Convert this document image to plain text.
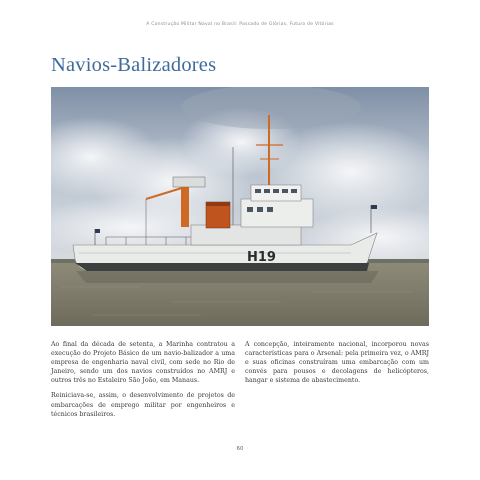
A Construção Militar Naval no Brasil: Passado de Glórias, Futuro de Vitórias
Navios-Balizadores
H19

Ao final da década de setenta, a Marinha contratou a execução do Projeto Básico de um navio-balizador a uma empresa de engenharia naval civil, com sede no Rio de Janeiro, sendo um dos navios construídos no AMRJ e outros três no Estaleiro São João, em Manaus.

Reiniciava-se, assim, o desenvolvimento de projetos de embarcações de emprego militar por engenheiros e técnicos brasileiros.

A concepção, inteiramente nacional, incorporou novas características para o Arsenal: pela primeira vez, o AMRJ e suas oficinas construíram uma embarcação com um convés para pousos e decolagens de helicópteros, hangar e sistema de abastecimento.

60
